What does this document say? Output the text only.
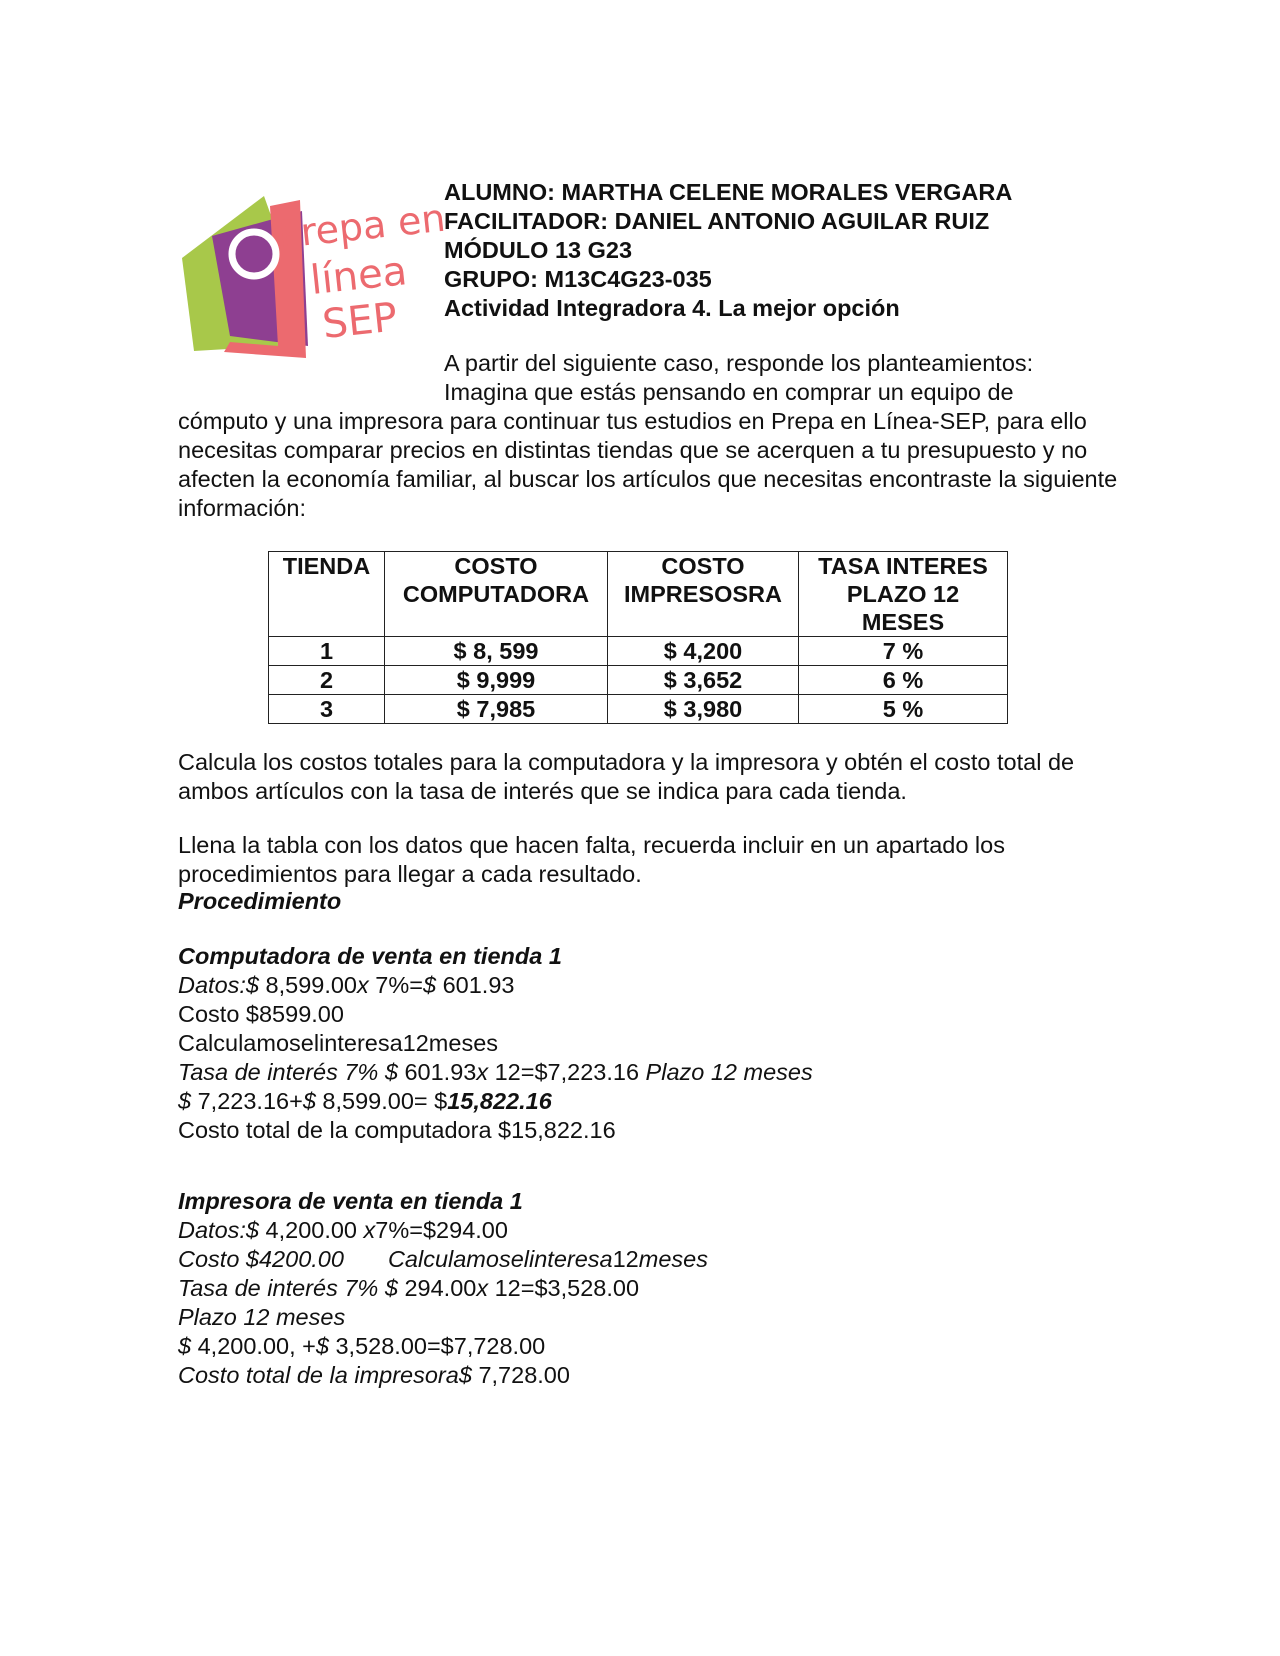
Prepa en
línea
SEP
ALUMNO: MARTHA CELENE MORALES VERGARA
FACILITADOR: DANIEL ANTONIO AGUILAR RUIZ
MÓDULO 13 G23
GRUPO: M13C4G23-035
Actividad Integradora 4. La mejor opción
A partir del siguiente caso, responde los planteamientos:
Imagina que estás pensando en comprar un equipo de
cómputo y una impresora para continuar tus estudios en Prepa en Línea-SEP, para ello necesitas comparar precios en distintas tiendas que se acerquen a tu presupuesto y no afecten la economía familiar, al buscar los artículos que necesitas encontraste la siguiente información:
TIENDA	COSTO COMPUTADORA	COSTO IMPRESOSRA	TASA INTERES PLAZO 12 MESES
1	$ 8, 599	$ 4,200	7 %
2	$ 9,999	$ 3,652	6 %
3	$ 7,985	$ 3,980	5 %
Calcula los costos totales para la computadora y la impresora y obtén el costo total de ambos artículos con la tasa de interés que se indica para cada tienda.
Llena la tabla con los datos que hacen falta, recuerda incluir en un apartado los procedimientos para llegar a cada resultado.
Procedimiento
Computadora de venta en tienda 1
Datos:$ 8,599.00x 7%=$ 601.93
Costo $8599.00
Calculamoselinteresa12meses
Tasa de interés 7% $ 601.93x 12=$7,223.16 Plazo 12 meses
$ 7,223.16+$ 8,599.00= $15,822.16
Costo total de la computadora $15,822.16
Impresora de venta en tienda 1
Datos:$ 4,200.00 x7%=$294.00
Costo $4200.00 Calculamoselinteresa12meses
Tasa de interés 7% $ 294.00x 12=$3,528.00
Plazo 12 meses
$ 4,200.00, +$ 3,528.00=$7,728.00
Costo total de la impresora$ 7,728.00
